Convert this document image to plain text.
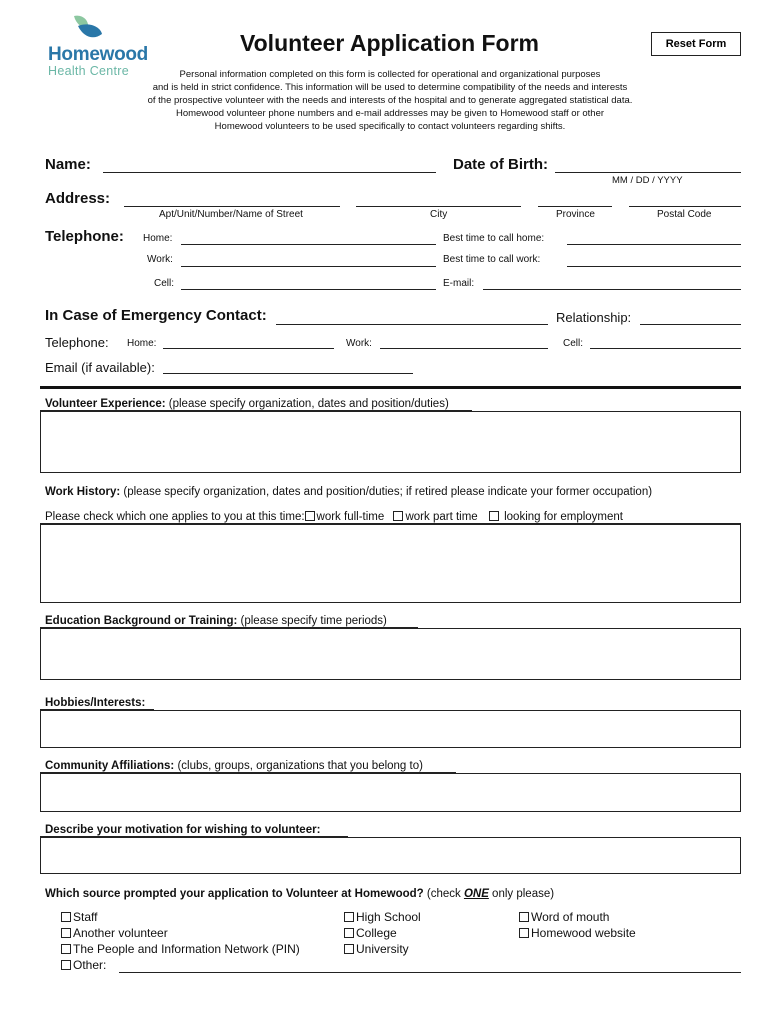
Homewood
Health Centre
Volunteer Application Form	Reset Form
Personal information completed on this form is collected for operational and organizational purposes
and is held in strict confidence. This information will be used to determine compatibility of the needs and interests
of the prospective volunteer with the needs and interests of the hospital and to generate aggregated statistical data.
Homewood volunteer phone numbers and e-mail addresses may be given to Homewood staff or other
Homewood volunteers to be used specifically to contact volunteers regarding shifts.
Name:	Date of Birth:
MM / DD / YYYY
Address:
Apt/Unit/Number/Name of Street	City	Province	Postal Code
Telephone: Home:	Best time to call home:
Work:	Best time to call work:
Cell:	E-mail:
In Case of Emergency Contact:	Relationship:
Telephone: Home:	Work:	Cell:
Email (if available):
Volunteer Experience: (please specify organization, dates and position/duties)
Work History: (please specify organization, dates and position/duties; if retired please indicate your former occupation)
Please check which one applies to you at this time: work full-time work part time looking for employment
Education Background or Training: (please specify time periods)
Hobbies/Interests:
Community Affiliations: (clubs, groups, organizations that you belong to)
Describe your motivation for wishing to volunteer:
Which source prompted your application to Volunteer at Homewood? (check ONE only please)
Staff
Another volunteer
The People and Information Network (PIN)
Other:
High School
College
University
Word of mouth
Homewood website
